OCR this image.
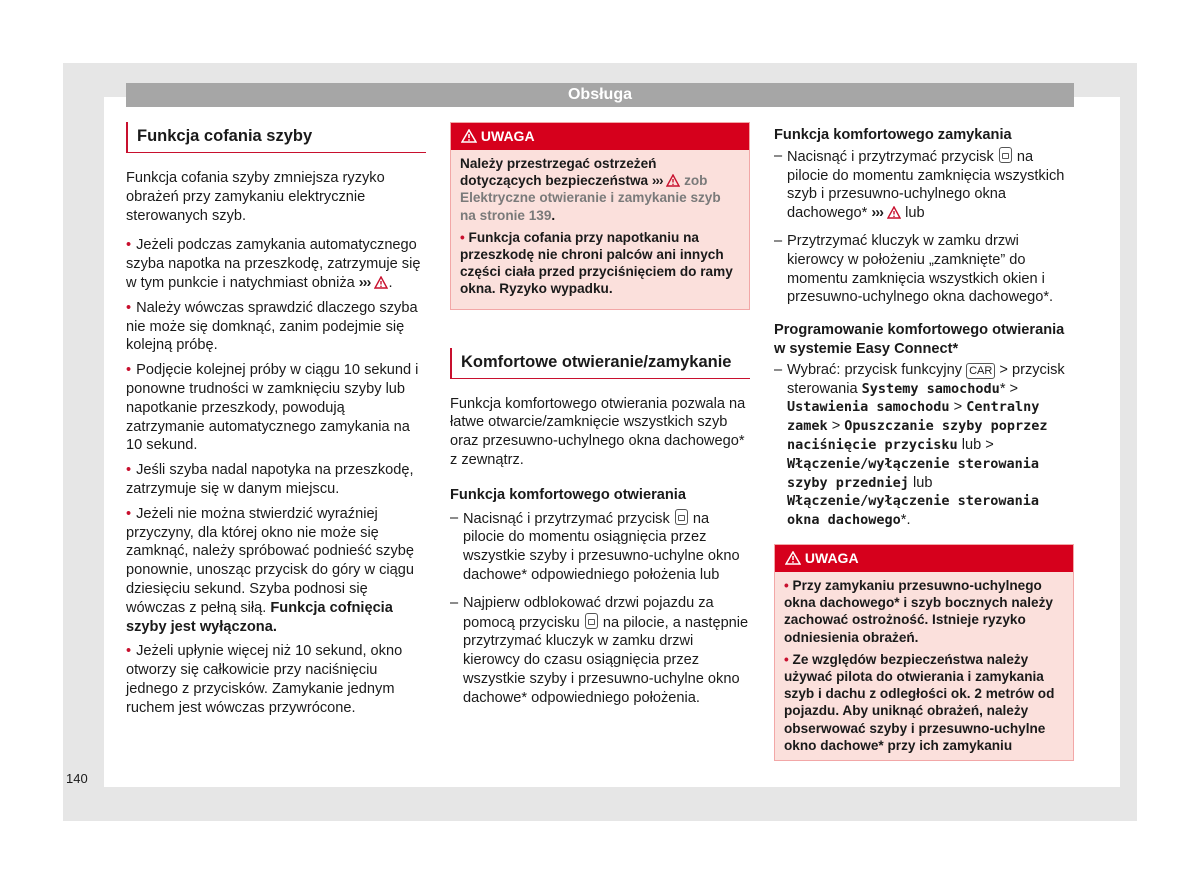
Obsługa
Funkcja cofania szyby

Funkcja cofania szyby zmniejsza ryzyko obrażeń przy zamykaniu elektrycznie sterowanych szyb.

• Jeżeli podczas zamykania automatycznego szyba napotka na przeszkodę, zatrzymuje się w tym punkcie i natychmiast obniża ››› .

• Należy wówczas sprawdzić dlaczego szyba nie może się domknąć, zanim podejmie się kolejną próbę.

• Podjęcie kolejnej próby w ciągu 10 sekund i ponowne trudności w zamknięciu szyby lub napotkanie przeszkody, powodują zatrzymanie automatycznego zamykania na 10 sekund.

• Jeśli szyba nadal napotyka na przeszkodę, zatrzymuje się w danym miejscu.

• Jeżeli nie można stwierdzić wyraźniej przyczyny, dla której okno nie może się zamknąć, należy spróbować podnieść szybę ponownie, unosząc przycisk do góry w ciągu dziesięciu sekund. Szyba podnosi się wówczas z pełną siłą. Funkcja cofnięcia szyby jest wyłączona.

• Jeżeli upłynie więcej niż 10 sekund, okno otworzy się całkowicie przy naciśnięciu jednego z przycisków. Zamykanie jednym ruchem jest wówczas przywrócone.

UWAGA

Należy przestrzegać ostrzeżeń dotyczących bezpieczeństwa ››› zob Elektryczne otwieranie i zamykanie szyb na stronie 139.

• Funkcja cofania przy napotkaniu na przeszkodę nie chroni palców ani innych części ciała przed przyciśnięciem do ramy okna. Ryzyko wypadku.

Komfortowe otwieranie/zamykanie

Funkcja komfortowego otwierania pozwala na łatwe otwarcie/zamknięcie wszystkich szyb oraz przesuwno-uchylnego okna dachowego* z zewnątrz.

Funkcja komfortowego otwierania

– Nacisnąć i przytrzymać przycisk na pilocie do momentu osiągnięcia przez wszystkie szyby i przesuwno-uchylne okno dachowe* odpowiedniego położenia lub
– Najpierw odblokować drzwi pojazdu za pomocą przycisku na pilocie, a następnie przytrzymać kluczyk w zamku drzwi kierowcy do czasu osiągnięcia przez wszystkie szyby i przesuwno-uchylne okno dachowe* odpowiedniego położenia.

Funkcja komfortowego zamykania

– Nacisnąć i przytrzymać przycisk na pilocie do momentu zamknięcia wszystkich szyb i przesuwno-uchylnego okna dachowego* ››› lub
– Przytrzymać kluczyk w zamku drzwi kierowcy w położeniu „zamknięte” do momentu zamknięcia wszystkich okien i przesuwno-uchylnego okna dachowego*.

Programowanie komfortowego otwierania w systemie Easy Connect*

– Wybrać: przycisk funkcyjny CAR > przycisk sterowania Systemy samochodu* > Ustawienia samochodu > Centralny zamek > Opuszczanie szyby poprzez naciśnięcie przycisku lub > Włączenie/wyłączenie sterowania szyby przedniej lub Włączenie/wyłączenie sterowania okna dachowego*.
UWAGA

• Przy zamykaniu przesuwno-uchylnego okna dachowego* i szyb bocznych należy zachować ostrożność. Istnieje ryzyko odniesienia obrażeń.

• Ze względów bezpieczeństwa należy używać pilota do otwierania i zamykania szyb i dachu z odległości ok. 2 metrów od pojazdu. Aby uniknąć obrażeń, należy obserwować szyby i przesuwno-uchylne okno dachowe* przy ich zamykaniu

140
